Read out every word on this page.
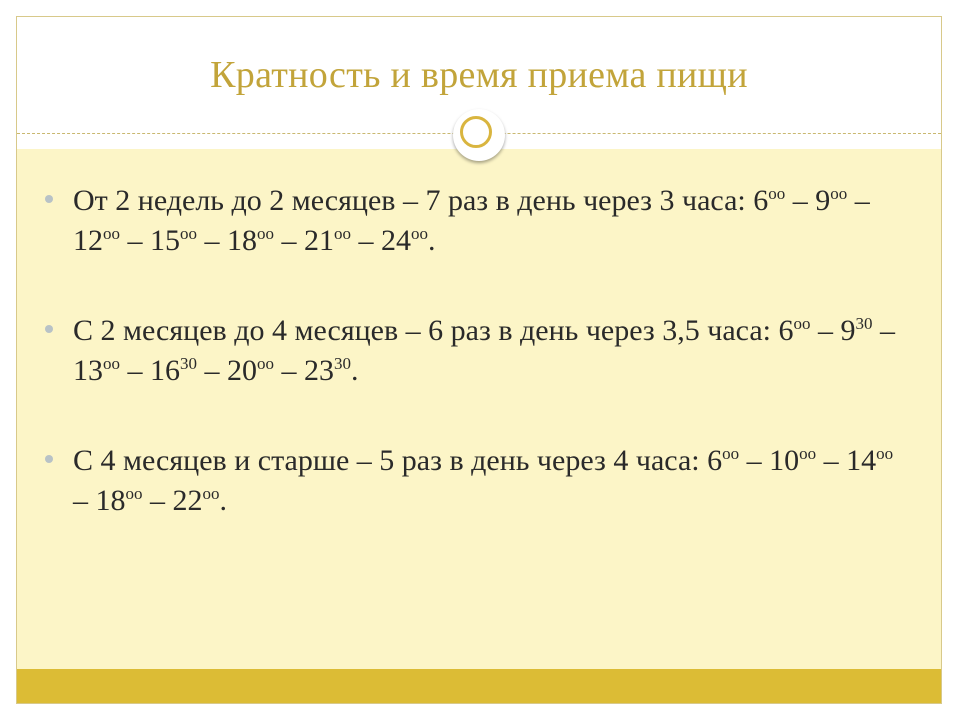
Кратность и время приема пищи
От 2 недель до 2 месяцев – 7 раз в день через 3 часа: $6^{оо} - 9^{оо} - 12^{оо} - 15^{оо} - 18^{оо} - 21^{оо} - 24^{оо}$.
С 2 месяцев до 4 месяцев – 6 раз в день через 3,5 часа: $6^{оо} - 9^{30} - 13^{оо} - 16^{30} - 20^{оо} - 23^{30}$.
С 4 месяцев и старше – 5 раз в день через 4 часа: $6^{оо} - 10^{оо} - 14^{оо} - 18^{оо} - 22^{оо}$.
